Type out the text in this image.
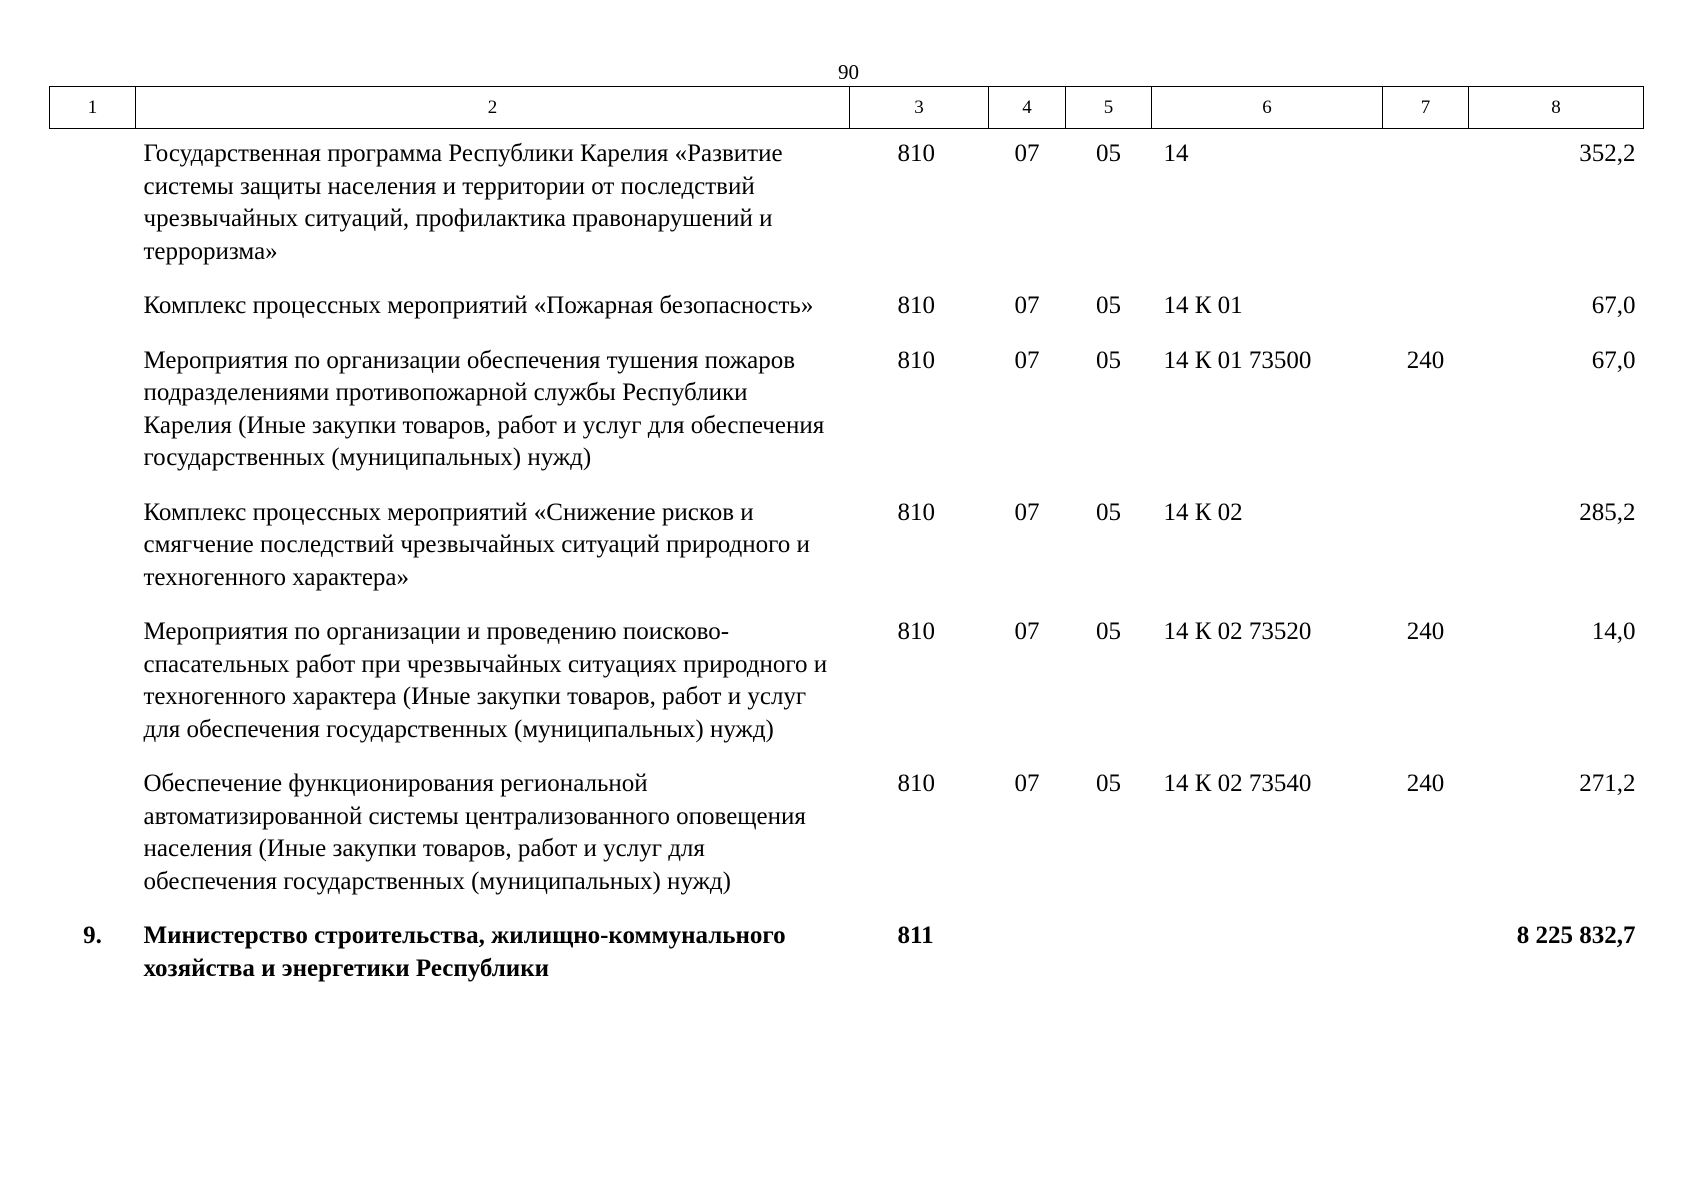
90
1	2	3	4	5	6	7	8
	Государственная программа Республики Карелия «Развитие системы защиты населения и территории от последствий чрезвычайных ситуаций, профилактика правонарушений и терроризма»	810	07	05	14		352,2
	Комплекс процессных мероприятий «Пожарная безопасность»	810	07	05	14 К 01		67,0
	Мероприятия по организации обеспечения тушения пожаров подразделениями противопожарной службы Республики Карелия (Иные закупки товаров, работ и услуг для обеспечения государственных (муниципальных) нужд)	810	07	05	14 К 01 73500	240	67,0
	Комплекс процессных мероприятий «Снижение рисков и смягчение последствий чрезвычайных ситуаций природного и техногенного характера»	810	07	05	14 К 02		285,2
	Мероприятия по организации и проведению поисково-спасательных работ при чрезвычайных ситуациях природного и техногенного характера (Иные закупки товаров, работ и услуг для обеспечения государственных (муниципальных) нужд)	810	07	05	14 К 02 73520	240	14,0
	Обеспечение функционирования региональной автоматизированной системы централизованного оповещения населения (Иные закупки товаров, работ и услуг для обеспечения государственных (муниципальных) нужд)	810	07	05	14 К 02 73540	240	271,2
9.	Министерство строительства, жилищно-коммунального хозяйства и энергетики Республики	811					8 225 832,7
